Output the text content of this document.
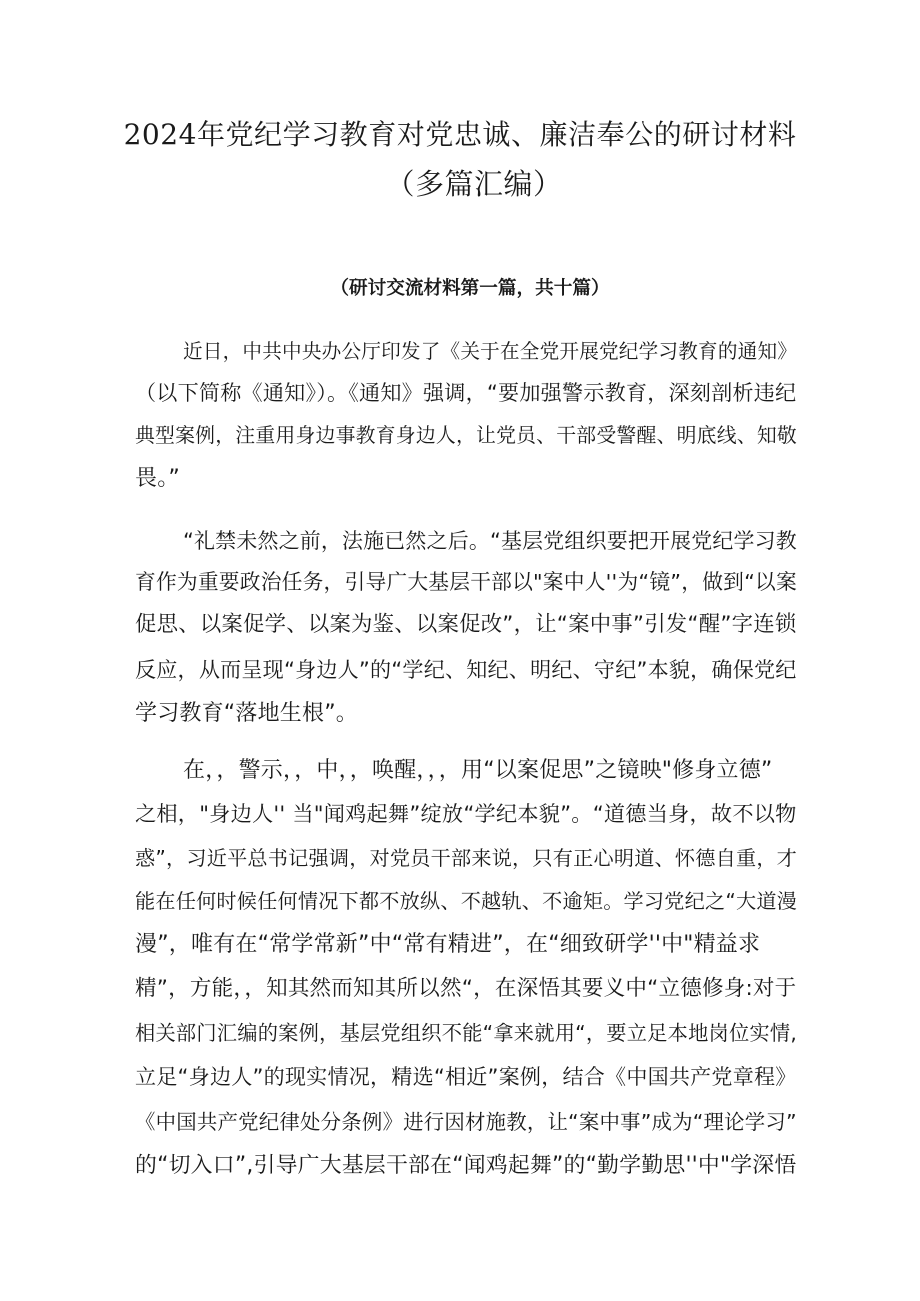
2024年党纪学习教育对党忠诚、廉洁奉公的研讨材料
（多篇汇编）
（研讨交流材料第一篇，共十篇）
近日，中共中央办公厅印发了《关于在全党开展党纪学习教育的通知》
（以下简称《通知》）。《通知》强调，“要加强警示教育，深刻剖析违纪
典型案例，注重用身边事教育身边人，让党员、干部受警醒、明底线、知敬
畏。”
“礼禁未然之前，法施已然之后。“基层党组织要把开展党纪学习教
育作为重要政治任务，引导广大基层干部以"案中人''为“镜”，做到“以案
促思、以案促学、以案为鉴、以案促改”，让“案中事”引发“醒”字连锁
反应，从而呈现“身边人”的“学纪、知纪、明纪、守纪”本貌，确保党纪
学习教育“落地生根”。
在，，警示，，中，，唤醒，，，用“以案促思”之镜映"修身立德”
之相，"身边人'' 当"闻鸡起舞”绽放“学纪本貌”。“道德当身，故不以物
惑”，习近平总书记强调，对党员干部来说，只有正心明道、怀德自重，才
能在任何时候任何情况下都不放纵、不越轨、不逾矩。学习党纪之“大道漫
漫”，唯有在“常学常新”中“常有精进”，在“细致研学''中"精益求
精”，方能，，知其然而知其所以然“，在深悟其要义中“立德修身:对于
相关部门汇编的案例，基层党组织不能“拿来就用“，要立足本地岗位实情,
立足“身边人”的现实情况，精选“相近”案例，结合《中国共产党章程》
《中国共产党纪律处分条例》进行因材施教，让“案中事”成为“理论学习”
的“切入口”,引导广大基层干部在“闻鸡起舞”的“勤学勤思''中"学深悟
